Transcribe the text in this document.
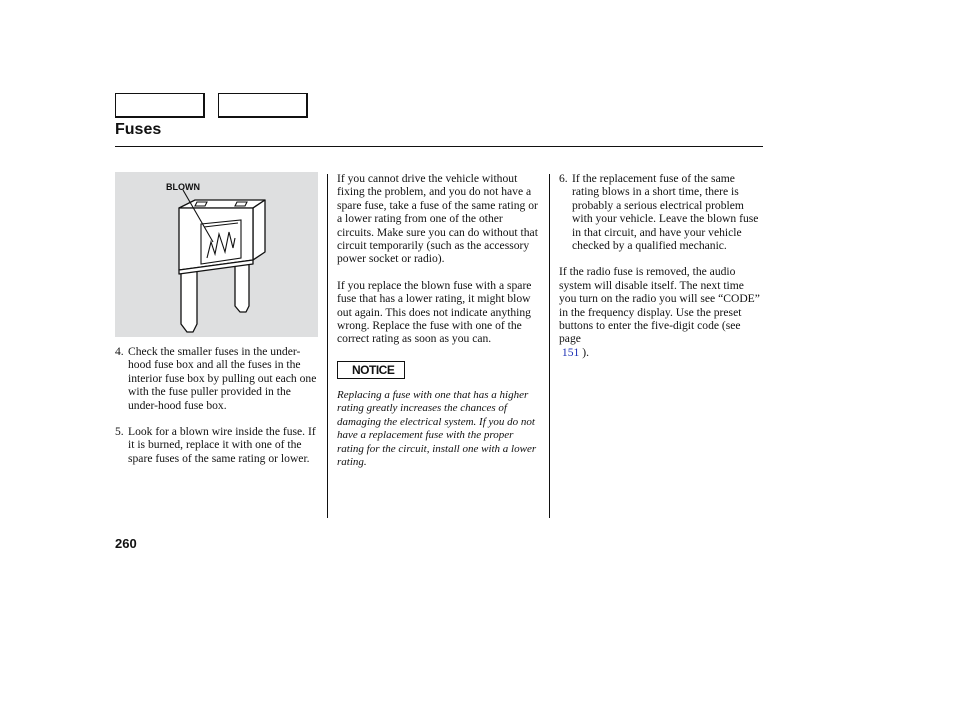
Fuses
BLOWN
4. Check the smaller fuses in the under-hood fuse box and all the fuses in the interior fuse box by pulling out each one with the fuse puller provided in the under-hood fuse box.
5. Look for a blown wire inside the fuse. If it is burned, replace it with one of the spare fuses of the same rating or lower.

If you cannot drive the vehicle without fixing the problem, and you do not have a spare fuse, take a fuse of the same rating or a lower rating from one of the other circuits. Make sure you can do without that circuit temporarily (such as the accessory power socket or radio).

If you replace the blown fuse with a spare fuse that has a lower rating, it might blow out again. This does not indicate anything wrong. Replace the fuse with one of the correct rating as soon as you can.

NOTICE
Replacing a fuse with one that has a higher rating greatly increases the chances of damaging the electrical system. If you do not have a replacement fuse with the proper rating for the circuit, install one with a lower rating.
6. If the replacement fuse of the same rating blows in a short time, there is probably a serious electrical problem with your vehicle. Leave the blown fuse in that circuit, and have your vehicle checked by a qualified mechanic.

If the radio fuse is removed, the audio system will disable itself. The next time you turn on the radio you will see “CODE” in the frequency display. Use the preset buttons to enter the five-digit code (see page
151 ).

260
